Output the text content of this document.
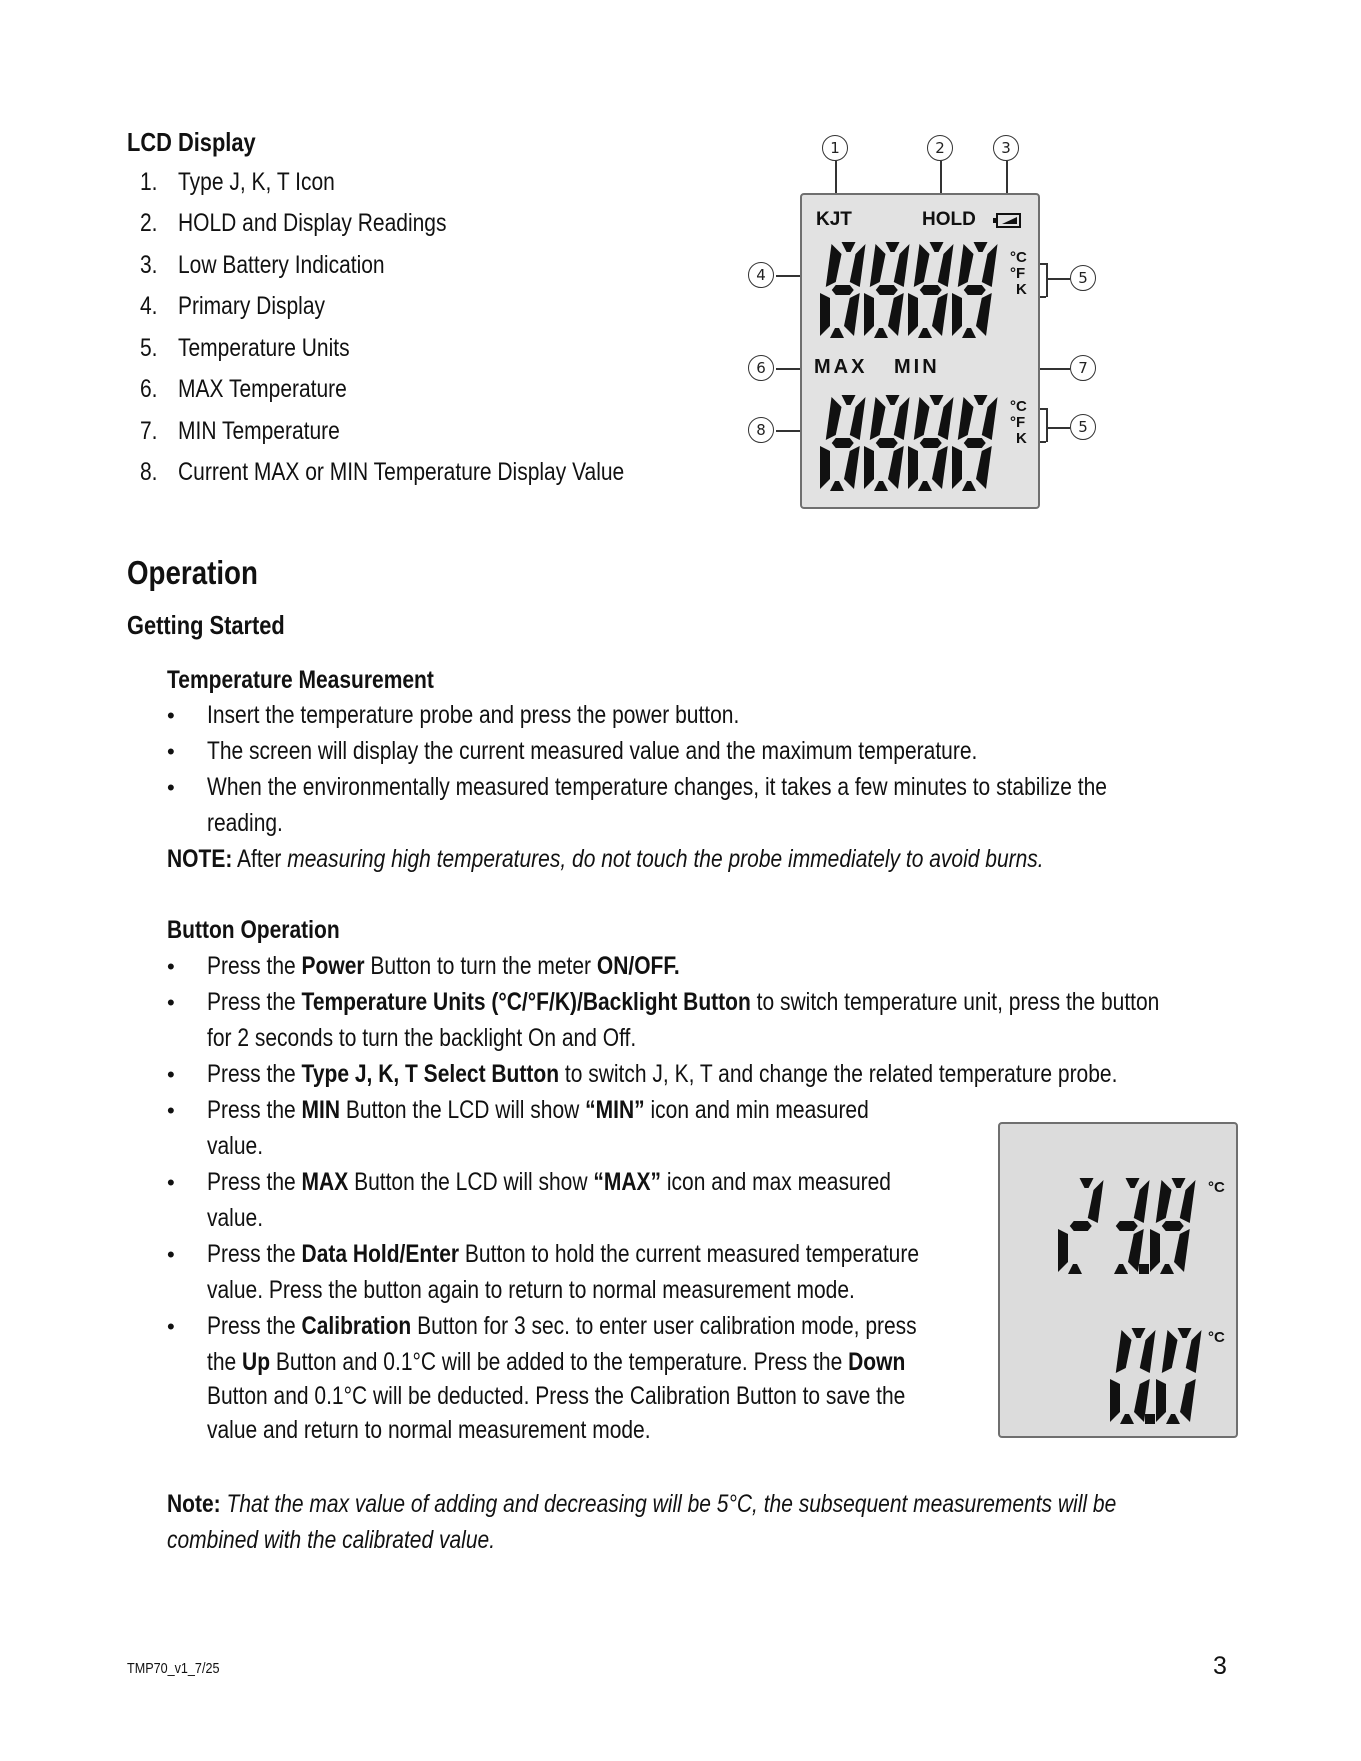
LCD Display
1. Type J, K, T Icon
2. HOLD and Display Readings
3. Low Battery Indication
4. Primary Display
5. Temperature Units
6. MAX Temperature
7. MIN Temperature
8. Current MAX or MIN Temperature Display Value
1	2	3
4
6
8
5
7
5
KJT	HOLD
°C
°F
K
MAX MIN
°C
°F
K
Operation
Getting Started
Temperature Measurement
• Insert the temperature probe and press the power button.
• The screen will display the current measured value and the maximum temperature.
• When the environmentally measured temperature changes, it takes a few minutes to stabilize the
reading.
NOTE: After measuring high temperatures, do not touch the probe immediately to avoid burns.
Button Operation
• Press the Power Button to turn the meter ON/OFF.
• Press the Temperature Units (°C/°F/K)/Backlight Button to switch temperature unit, press the button
for 2 seconds to turn the backlight On and Off.
• Press the Type J, K, T Select Button to switch J, K, T and change the related temperature probe.
• Press the MIN Button the LCD will show “MIN” icon and min measured
value.
• Press the MAX Button the LCD will show “MAX” icon and max measured
value.
• Press the Data Hold/Enter Button to hold the current measured temperature
value. Press the button again to return to normal measurement mode.
• Press the Calibration Button for 3 sec. to enter user calibration mode, press
the Up Button and 0.1°C will be added to the temperature. Press the Down
Button and 0.1°C will be deducted. Press the Calibration Button to save the
value and return to normal measurement mode.
°C
°C
Note: That the max value of adding and decreasing will be 5°C, the subsequent measurements will be
combined with the calibrated value.
TMP70_v1_7/25	3
